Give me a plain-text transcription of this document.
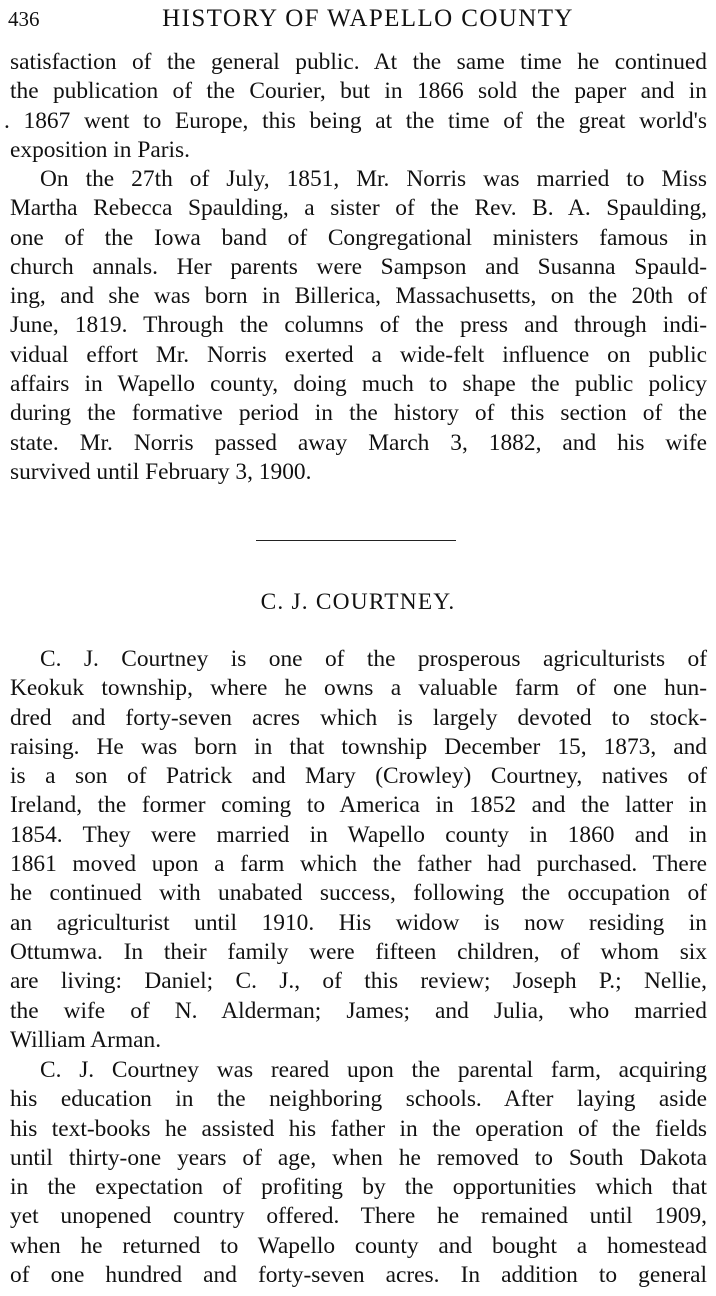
436	HISTORY OF WAPELLO COUNTY
satisfaction of the general public. At the same time he continued
the publication of the Courier, but in 1866 sold the paper and in
. 1867 went to Europe, this being at the time of the great world's
exposition in Paris.
On the 27th of July, 1851, Mr. Norris was married to Miss
Martha Rebecca Spaulding, a sister of the Rev. B. A. Spaulding,
one of the Iowa band of Congregational ministers famous in
church annals. Her parents were Sampson and Susanna Spauld-
ing, and she was born in Billerica, Massachusetts, on the 20th of
June, 1819. Through the columns of the press and through indi-
vidual effort Mr. Norris exerted a wide-felt influence on public
affairs in Wapello county, doing much to shape the public policy
during the formative period in the history of this section of the
state. Mr. Norris passed away March 3, 1882, and his wife
survived until February 3, 1900.
C. J. COURTNEY.
C. J. Courtney is one of the prosperous agriculturists of
Keokuk township, where he owns a valuable farm of one hun-
dred and forty-seven acres which is largely devoted to stock-
raising. He was born in that township December 15, 1873, and
is a son of Patrick and Mary (Crowley) Courtney, natives of
Ireland, the former coming to America in 1852 and the latter in
1854. They were married in Wapello county in 1860 and in
1861 moved upon a farm which the father had purchased. There
he continued with unabated success, following the occupation of
an agriculturist until 1910. His widow is now residing in
Ottumwa. In their family were fifteen children, of whom six
are living: Daniel; C. J., of this review; Joseph P.; Nellie,
the wife of N. Alderman; James; and Julia, who married
William Arman.
C. J. Courtney was reared upon the parental farm, acquiring
his education in the neighboring schools. After laying aside
his text-books he assisted his father in the operation of the fields
until thirty-one years of age, when he removed to South Dakota
in the expectation of profiting by the opportunities which that
yet unopened country offered. There he remained until 1909,
when he returned to Wapello county and bought a homestead
of one hundred and forty-seven acres. In addition to general
